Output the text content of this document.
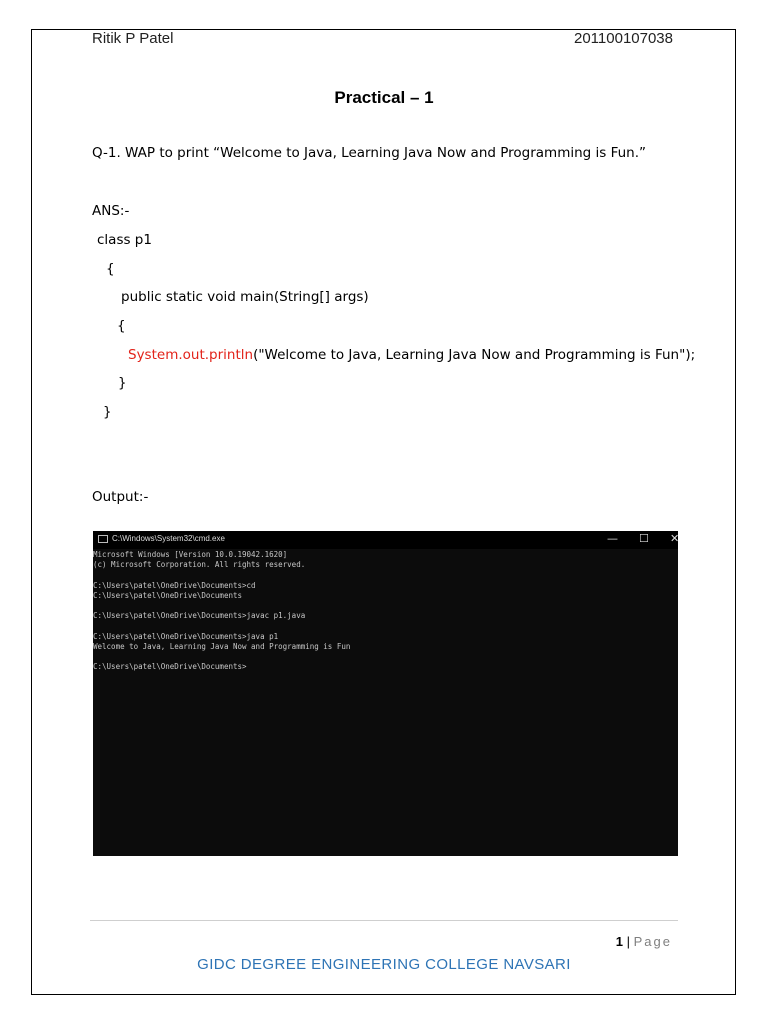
Ritik P Patel	201100107038
Practical – 1
Q-1. WAP to print “Welcome to Java, Learning Java Now and Programming is Fun.”
ANS:-
class p1
{
public static void main(String[] args)
{
System.out.println("Welcome to Java, Learning Java Now and Programming is Fun");
}
}
Output:-
C:\Windows\System32\cmd.exe	— ☐ ✕
Microsoft Windows [Version 10.0.19042.1620]
(c) Microsoft Corporation. All rights reserved.
C:\Users\patel\OneDrive\Documents>cd
C:\Users\patel\OneDrive\Documents
C:\Users\patel\OneDrive\Documents>javac p1.java
C:\Users\patel\OneDrive\Documents>java p1
Welcome to Java, Learning Java Now and Programming is Fun
C:\Users\patel\OneDrive\Documents>
1 | Page
GIDC DEGREE ENGINEERING COLLEGE NAVSARI
